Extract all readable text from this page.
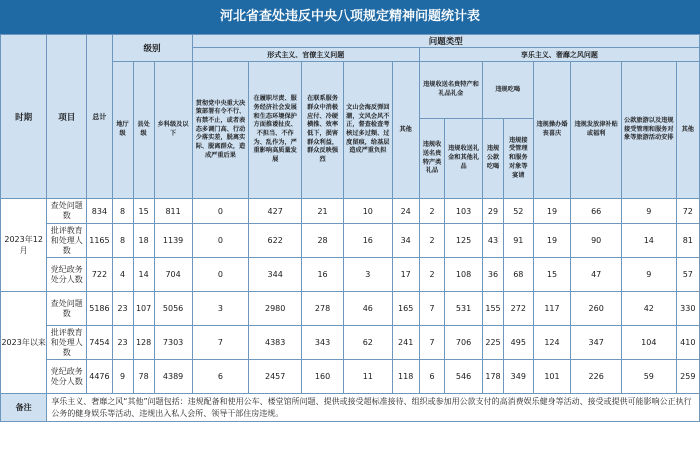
河北省查处违反中央八项规定精神问题统计表
时期	项目	总计	级别			问题类型												
						形式主义、官僚主义问题					享乐主义、奢靡之风问题							
			地厅级	县处级	乡科级及以下	贯彻党中央重大决策部署有令不行、有禁不止，或者表态多调门高、行动少落实差，脱离实际、脱离群众，造成严重后果	在履职尽责、服务经济社会发展和生态环境保护方面推诿扯皮、不担当、不作为、乱作为，严重影响高质量发展	在联系服务群众中消极应付、冷硬横推、效率低下，损害群众利益，群众反映强烈	文山会海反弹回潮，文风会风不正，督查检查考核过多过频、过度留痕，给基层造成严重负担	其他	违规收送名贵特产和礼品礼金		违规吃喝		违规操办婚丧喜庆	违规发放津补贴或福利	公款旅游以及违规接受管理和服务对象等旅游活动安排	其他
											违规收送名贵特产类礼品	违规收送礼金和其他礼品	违规公款吃喝	违规接受管理和服务对象等宴请				

2023年12月	查处问题数	834	8	15	811	0	427	21	10	24	2	103	29	52	19	66	9	72
	批评教育和处理人数	1165	8	18	1139	0	622	28	16	34	2	125	43	91	19	90	14	81
	党纪政务处分人数	722	4	14	704	0	344	16	3	17	2	108	36	68	15	47	9	57
2023年以来	查处问题数	5186	23	107	5056	3	2980	278	46	165	7	531	155	272	117	260	42	330
	批评教育和处理人数	7454	23	128	7303	7	4383	343	62	241	7	706	225	495	124	347	104	410
	党纪政务处分人数	4476	9	78	4389	6	2457	160	11	118	6	546	178	349	101	226	59	259
备注	享乐主义、奢靡之风“其他”问题包括：违规配备和使用公车、楼堂馆所问题、提供或接受超标准接待、组织或参加用公款支付的高消费娱乐健身等活动、接受或提供可能影响公正执行公务的健身娱乐等活动、违规出入私人会所、领导干部住房违规。																	
